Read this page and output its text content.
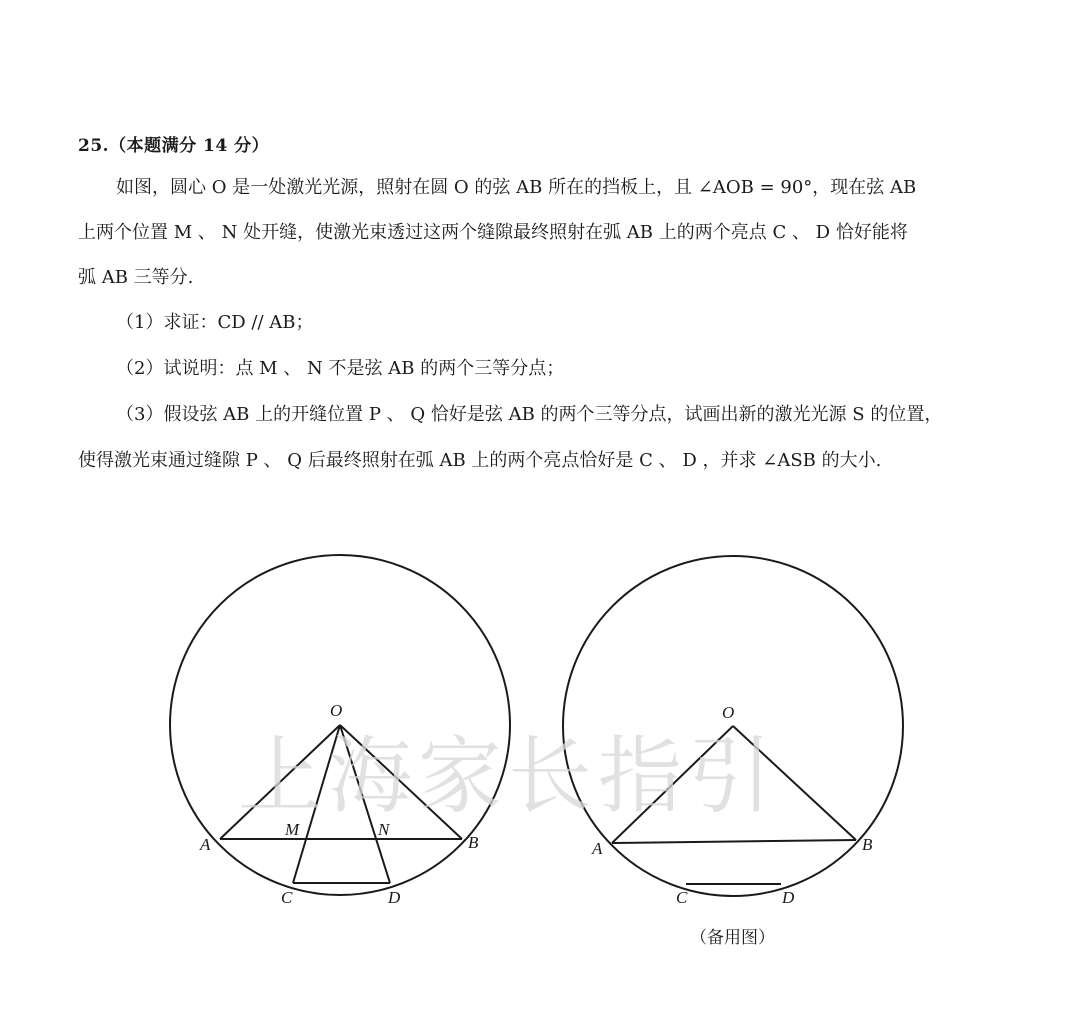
25.（本题满分 14 分）
如图，圆心 O 是一处激光光源，照射在圆 O 的弦 AB 所在的挡板上，且 ∠AOB = 90°，现在弦 AB
上两个位置 M 、 N 处开缝，使激光束透过这两个缝隙最终照射在弧 AB 上的两个亮点 C 、 D 恰好能将
弧 AB 三等分.
（1）求证：CD // AB；
（2）试说明：点 M 、 N 不是弦 AB 的两个三等分点；
（3）假设弦 AB 上的开缝位置 P 、 Q 恰好是弦 AB 的两个三等分点，试画出新的激光光源 S 的位置，
使得激光束通过缝隙 P 、 Q 后最终照射在弧 AB 上的两个亮点恰好是 C 、 D ，并求 ∠ASB 的大小.
O
A	B
M	N
C	D
O
A	B
C	D
（备用图）
上海家长指引
